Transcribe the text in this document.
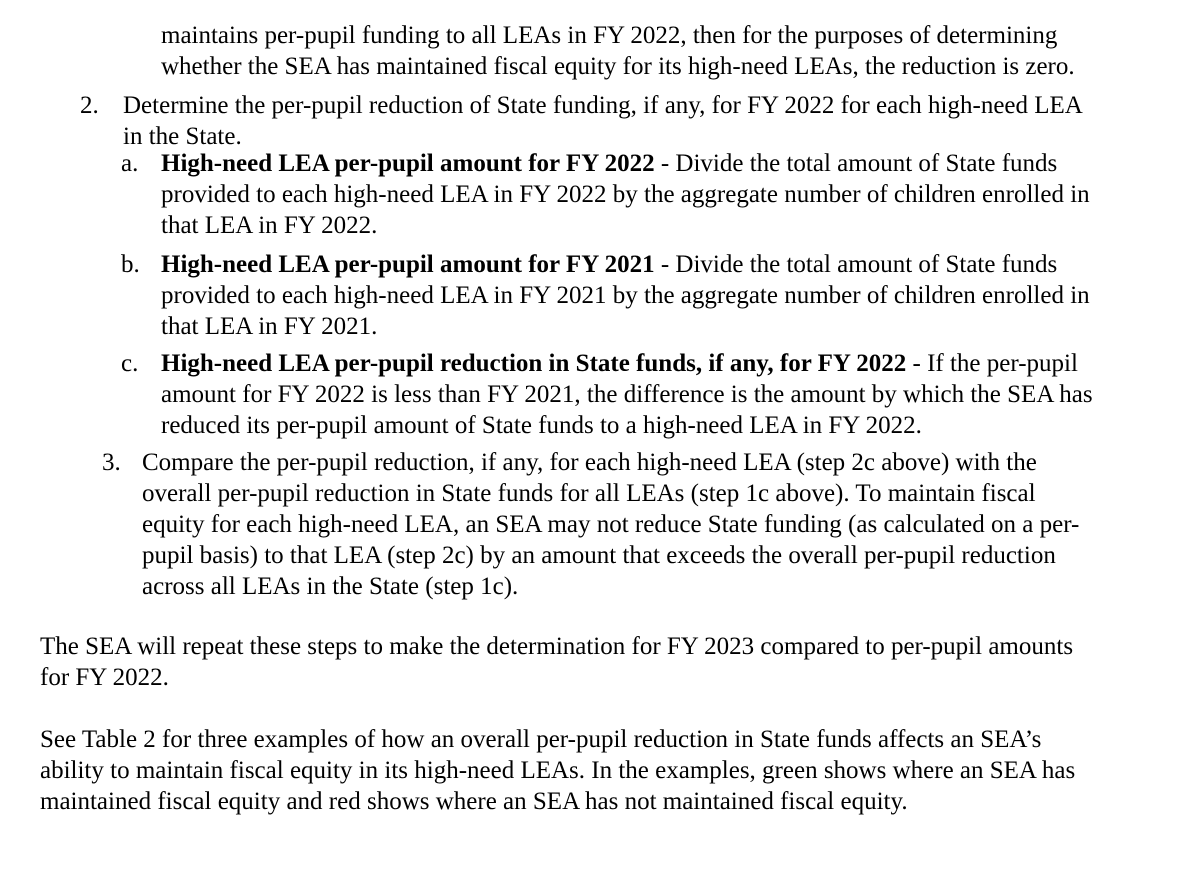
maintains per-pupil funding to all LEAs in FY 2022, then for the purposes of determining
whether the SEA has maintained fiscal equity for its high-need LEAs, the reduction is zero.
2. Determine the per-pupil reduction of State funding, if any, for FY 2022 for each high-need LEA
in the State.
a. High-need LEA per-pupil amount for FY 2022 - Divide the total amount of State funds
provided to each high-need LEA in FY 2022 by the aggregate number of children enrolled in
that LEA in FY 2022.
b. High-need LEA per-pupil amount for FY 2021 - Divide the total amount of State funds
provided to each high-need LEA in FY 2021 by the aggregate number of children enrolled in
that LEA in FY 2021.
c. High-need LEA per-pupil reduction in State funds, if any, for FY 2022 - If the per-pupil
amount for FY 2022 is less than FY 2021, the difference is the amount by which the SEA has
reduced its per-pupil amount of State funds to a high-need LEA in FY 2022.
3. Compare the per-pupil reduction, if any, for each high-need LEA (step 2c above) with the
overall per-pupil reduction in State funds for all LEAs (step 1c above). To maintain fiscal
equity for each high-need LEA, an SEA may not reduce State funding (as calculated on a per-
pupil basis) to that LEA (step 2c) by an amount that exceeds the overall per-pupil reduction
across all LEAs in the State (step 1c).
The SEA will repeat these steps to make the determination for FY 2023 compared to per-pupil amounts
for FY 2022.
See Table 2 for three examples of how an overall per-pupil reduction in State funds affects an SEA’s
ability to maintain fiscal equity in its high-need LEAs. In the examples, green shows where an SEA has
maintained fiscal equity and red shows where an SEA has not maintained fiscal equity.
